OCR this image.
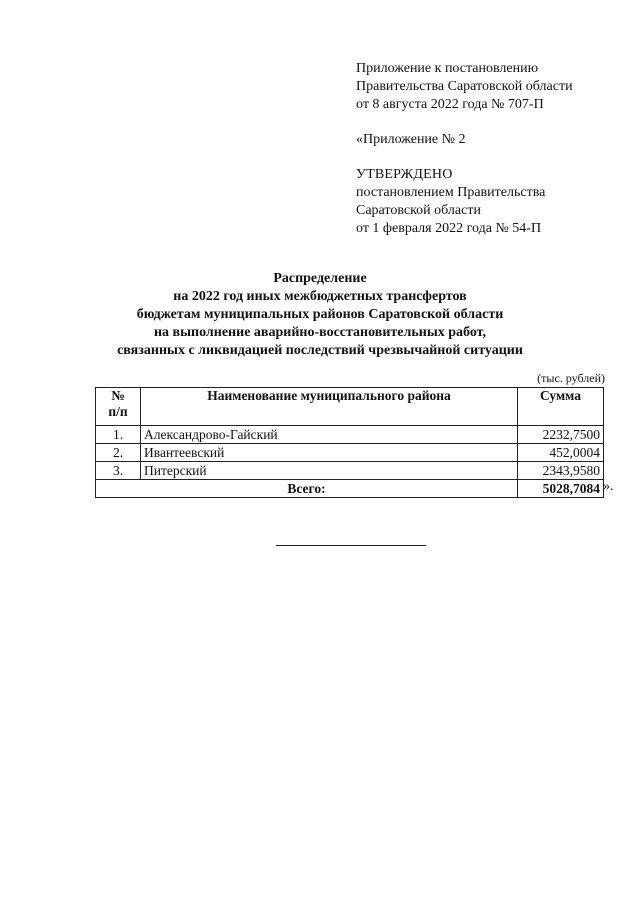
Приложение к постановлению
Правительства Саратовской области
от 8 августа 2022 года № 707-П
«Приложение № 2
УТВЕРЖДЕНО
постановлением Правительства
Саратовской области
от 1 февраля 2022 года № 54-П
Распределение
на 2022 год иных межбюджетных трансфертов
бюджетам муниципальных районов Саратовской области
на выполнение аварийно-восстановительных работ,
связанных с ликвидацией последствий чрезвычайной ситуации
(тыс. рублей)
№
п/п	Наименование муниципального района	Сумма
1.	Александрово-Гайский	2232,7500
2.	Ивантеевский	452,0004
3.	Питерский	2343,9580
Всего:		5028,7084 ».
